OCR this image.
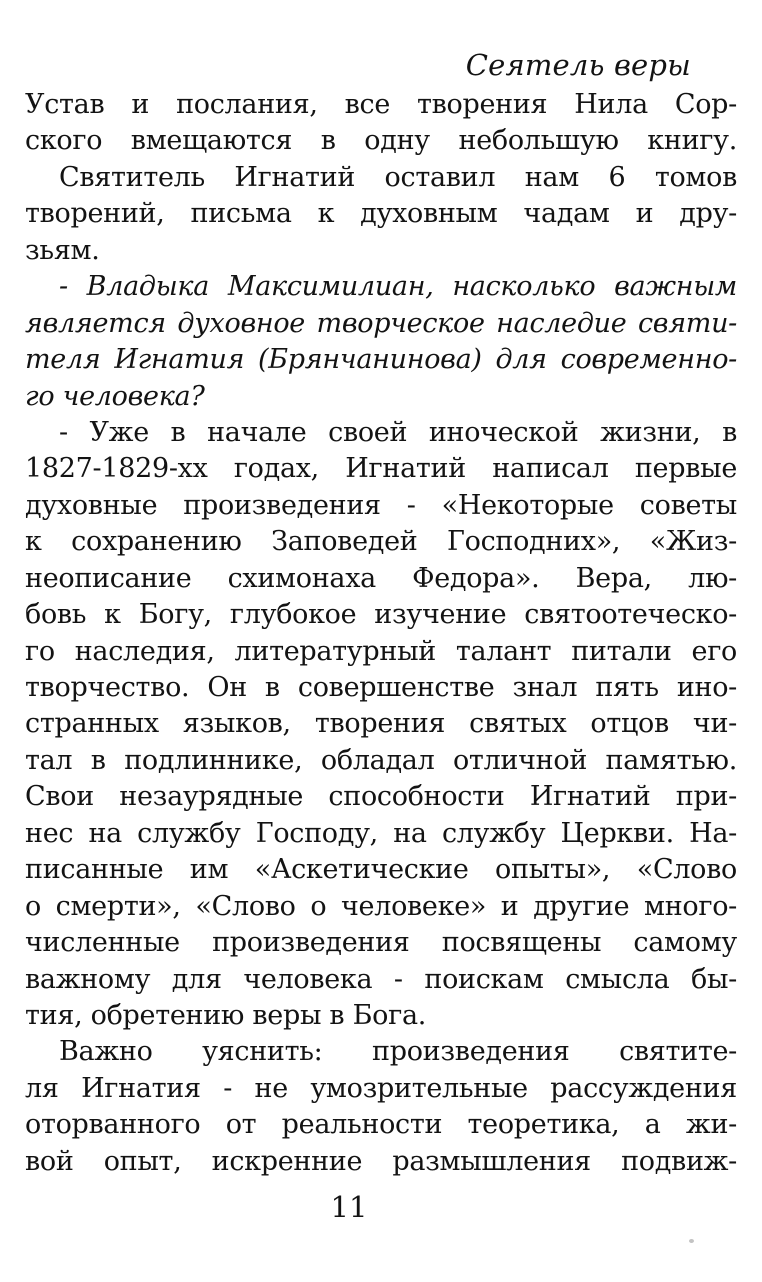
Сеятель веры
Устав и послания, все творения Нила Сор-
ского вмещаются в одну небольшую книгу.
Святитель Игнатий оставил нам 6 томов
творений, письма к духовным чадам и дру-
зьям.
- Владыка Максимилиан, насколько важным
является духовное творческое наследие святи-
теля Игнатия (Брянчанинова) для современно-
го человека?
- Уже в начале своей иноческой жизни, в
1827-1829-хх годах, Игнатий написал первые
духовные произведения - «Некоторые советы
к сохранению Заповедей Господних», «Жиз-
неописание схимонаха Федора». Вера, лю-
бовь к Богу, глубокое изучение святоотеческо-
го наследия, литературный талант питали его
творчество. Он в совершенстве знал пять ино-
странных языков, творения святых отцов чи-
тал в подлиннике, обладал отличной памятью.
Свои незаурядные способности Игнатий при-
нес на службу Господу, на службу Церкви. На-
писанные им «Аскетические опыты», «Слово
о смерти», «Слово о человеке» и другие много-
численные произведения посвящены самому
важному для человека - поискам смысла бы-
тия, обретению веры в Бога.
Важно уяснить: произведения святите-
ля Игнатия - не умозрительные рассуждения
оторванного от реальности теоретика, а жи-
вой опыт, искренние размышления подвиж-
11
